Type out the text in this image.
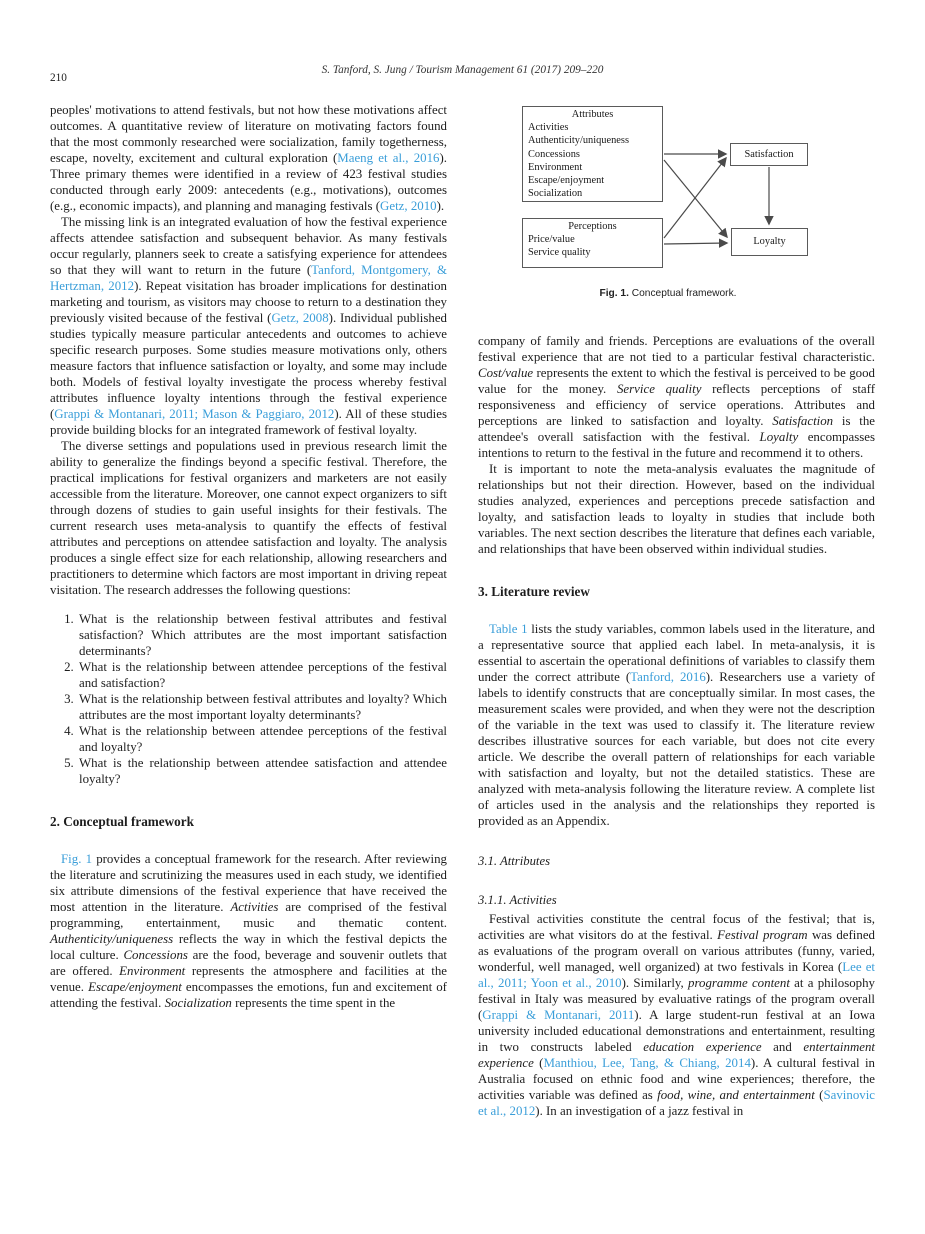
210
S. Tanford, S. Jung / Tourism Management 61 (2017) 209–220

peoples' motivations to attend festivals, but not how these motivations affect outcomes. A quantitative review of literature on motivating factors found that the most commonly researched were socialization, family togetherness, escape, novelty, excitement and cultural exploration (Maeng et al., 2016). Three primary themes were identified in a review of 423 festival studies conducted through early 2009: antecedents (e.g., motivations), outcomes (e.g., economic impacts), and planning and managing festivals (Getz, 2010).

The missing link is an integrated evaluation of how the festival experience affects attendee satisfaction and subsequent behavior. As many festivals occur regularly, planners seek to create a satisfying experience for attendees so that they will want to return in the future (Tanford, Montgomery, & Hertzman, 2012). Repeat visitation has broader implications for destination marketing and tourism, as visitors may choose to return to a destination they previously visited because of the festival (Getz, 2008). Individual published studies typically measure particular antecedents and outcomes to achieve specific research purposes. Some studies measure motivations only, others measure factors that influence satisfaction or loyalty, and some may include both. Models of festival loyalty investigate the process whereby festival attributes influence loyalty intentions through the festival experience (Grappi & Montanari, 2011; Mason & Paggiaro, 2012). All of these studies provide building blocks for an integrated framework of festival loyalty.

The diverse settings and populations used in previous research limit the ability to generalize the findings beyond a specific festival. Therefore, the practical implications for festival organizers and marketers are not easily accessible from the literature. Moreover, one cannot expect organizers to sift through dozens of studies to gain useful insights for their festivals. The current research uses meta-analysis to quantify the effects of festival attributes and perceptions on attendee satisfaction and loyalty. The analysis produces a single effect size for each relationship, allowing researchers and practitioners to determine which factors are most important in driving repeat visitation. The research addresses the following questions:

1. What is the relationship between festival attributes and festival satisfaction? Which attributes are the most important satisfaction determinants?
2. What is the relationship between attendee perceptions of the festival and satisfaction?
3. What is the relationship between festival attributes and loyalty? Which attributes are the most important loyalty determinants?
4. What is the relationship between attendee perceptions of the festival and loyalty?
5. What is the relationship between attendee satisfaction and attendee loyalty?
2. Conceptual framework

Fig. 1 provides a conceptual framework for the research. After reviewing the literature and scrutinizing the measures used in each study, we identified six attribute dimensions of the festival experience that have received the most attention in the literature. Activities are comprised of the festival programming, entertainment, music and thematic content. Authenticity/uniqueness reflects the way in which the festival depicts the local culture. Concessions are the food, beverage and souvenir outlets that are offered. Environment represents the atmosphere and facilities at the venue. Escape/enjoyment encompasses the emotions, fun and excitement of attending the festival. Socialization represents the time spent in the

Attributes
Activities
Authenticity/uniqueness
Concessions
Environment
Escape/enjoyment
Socialization
Perceptions
Price/value
Service quality
Satisfaction
Loyalty
Fig. 1. Conceptual framework.

company of family and friends. Perceptions are evaluations of the overall festival experience that are not tied to a particular festival characteristic. Cost/value represents the extent to which the festival is perceived to be good value for the money. Service quality reflects perceptions of staff responsiveness and efficiency of service operations. Attributes and perceptions are linked to satisfaction and loyalty. Satisfaction is the attendee's overall satisfaction with the festival. Loyalty encompasses intentions to return to the festival in the future and recommend it to others.

It is important to note the meta-analysis evaluates the magnitude of relationships but not their direction. However, based on the individual studies analyzed, experiences and perceptions precede satisfaction and loyalty, and satisfaction leads to loyalty in studies that include both variables. The next section describes the literature that defines each variable, and relationships that have been observed within individual studies.

3. Literature review

Table 1 lists the study variables, common labels used in the literature, and a representative source that applied each label. In meta-analysis, it is essential to ascertain the operational definitions of variables to classify them under the correct attribute (Tanford, 2016). Researchers use a variety of labels to identify constructs that are conceptually similar. In most cases, the measurement scales were provided, and when they were not the description of the variable in the text was used to classify it. The literature review describes illustrative sources for each variable, but does not cite every article. We describe the overall pattern of relationships for each variable with satisfaction and loyalty, but not the detailed statistics. These are analyzed with meta-analysis following the literature review. A complete list of articles used in the analysis and the relationships they reported is provided as an Appendix.

3.1. Attributes
3.1.1. Activities

Festival activities constitute the central focus of the festival; that is, activities are what visitors do at the festival. Festival program was defined as evaluations of the program overall on various attributes (funny, varied, wonderful, well managed, well organized) at two festivals in Korea (Lee et al., 2011; Yoon et al., 2010). Similarly, programme content at a philosophy festival in Italy was measured by evaluative ratings of the program overall (Grappi & Montanari, 2011). A large student-run festival at an Iowa university included educational demonstrations and entertainment, resulting in two constructs labeled education experience and entertainment experience (Manthiou, Lee, Tang, & Chiang, 2014). A cultural festival in Australia focused on ethnic food and wine experiences; therefore, the activities variable was defined as food, wine, and entertainment (Savinovic et al., 2012). In an investigation of a jazz festival in
